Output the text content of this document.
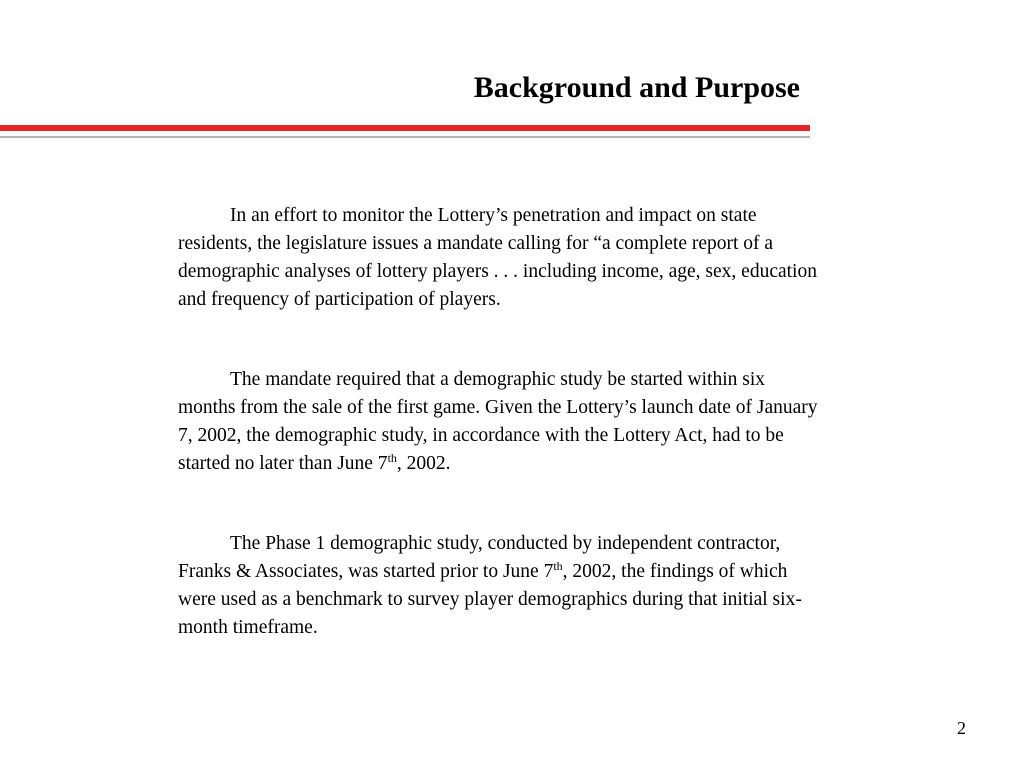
Background and Purpose

In an effort to monitor the Lottery’s penetration and impact on state residents, the legislature issues a mandate calling for “a complete report of a demographic analyses of lottery players . . . including income, age, sex, education and frequency of participation of players.

The mandate required that a demographic study be started within six months from the sale of the first game. Given the Lottery’s launch date of January 7, 2002, the demographic study, in accordance with the Lottery Act, had to be started no later than June 7th, 2002.

The Phase 1 demographic study, conducted by independent contractor, Franks & Associates, was started prior to June 7th, 2002, the findings of which were used as a benchmark to survey player demographics during that initial six-month timeframe.

2
